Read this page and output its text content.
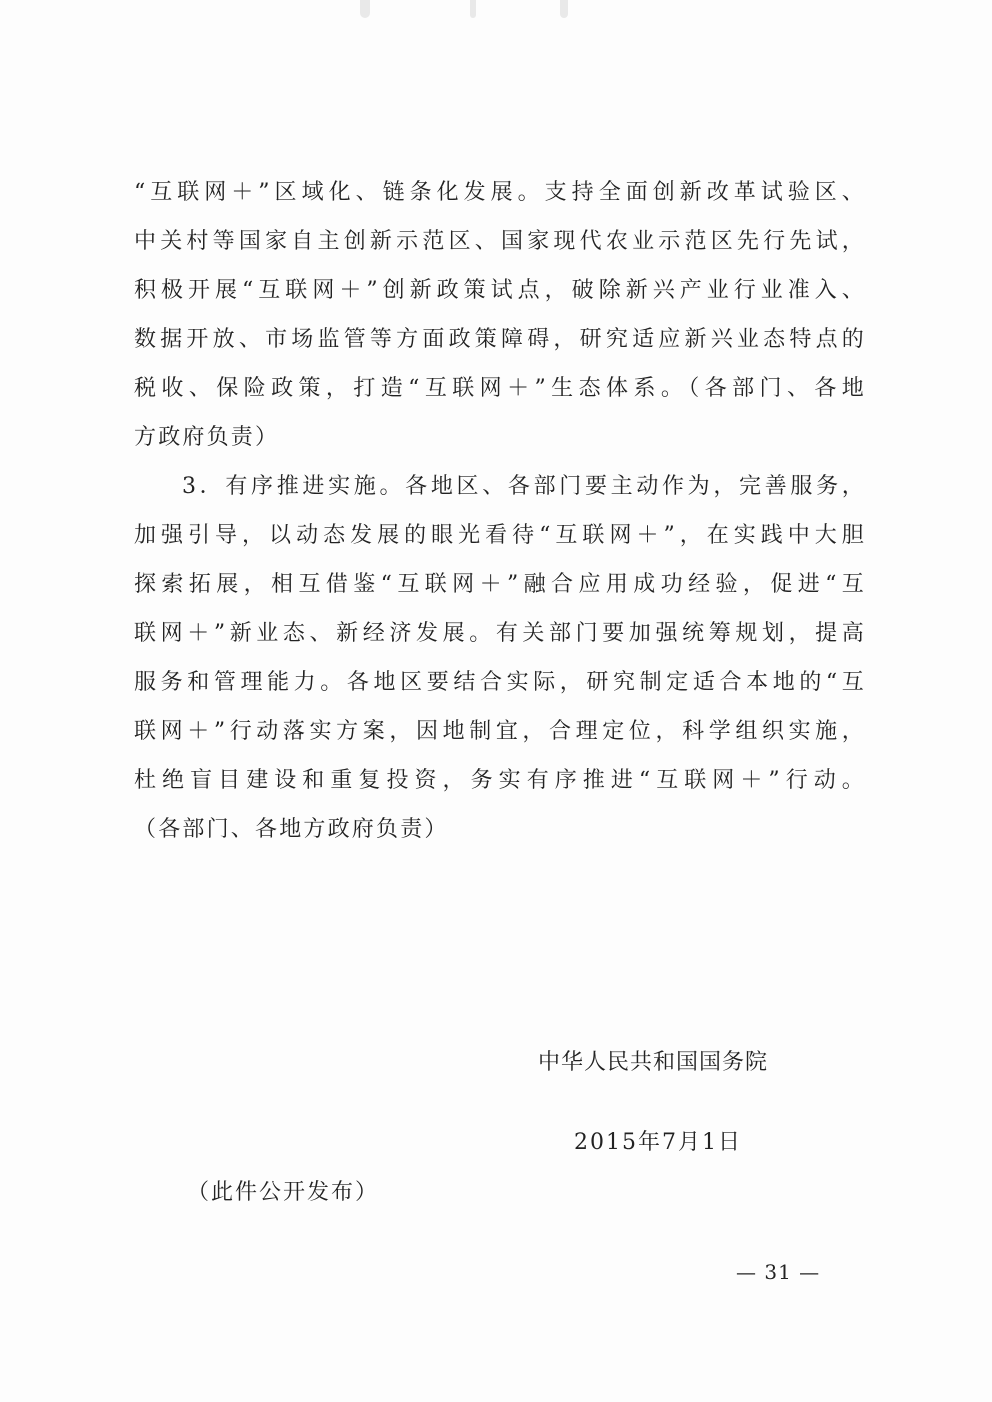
“互联网＋”区域化、链条化发展。支持全面创新改革试验区、
中关村等国家自主创新示范区、国家现代农业示范区先行先试，
积极开展“互联网＋”创新政策试点，破除新兴产业行业准入、
数据开放、市场监管等方面政策障碍，研究适应新兴业态特点的
税收、保险政策，打造“互联网＋”生态体系。（各部门、各地
方政府负责）
3．有序推进实施。各地区、各部门要主动作为，完善服务，
加强引导，以动态发展的眼光看待“互联网＋”，在实践中大胆
探索拓展，相互借鉴“互联网＋”融合应用成功经验，促进“互
联网＋”新业态、新经济发展。有关部门要加强统筹规划，提高
服务和管理能力。各地区要结合实际，研究制定适合本地的“互
联网＋”行动落实方案，因地制宜，合理定位，科学组织实施，
杜绝盲目建设和重复投资，务实有序推进“互联网＋”行动。
（各部门、各地方政府负责）
中华人民共和国国务院
2015年7月1日
（此件公开发布）
— 31 —
